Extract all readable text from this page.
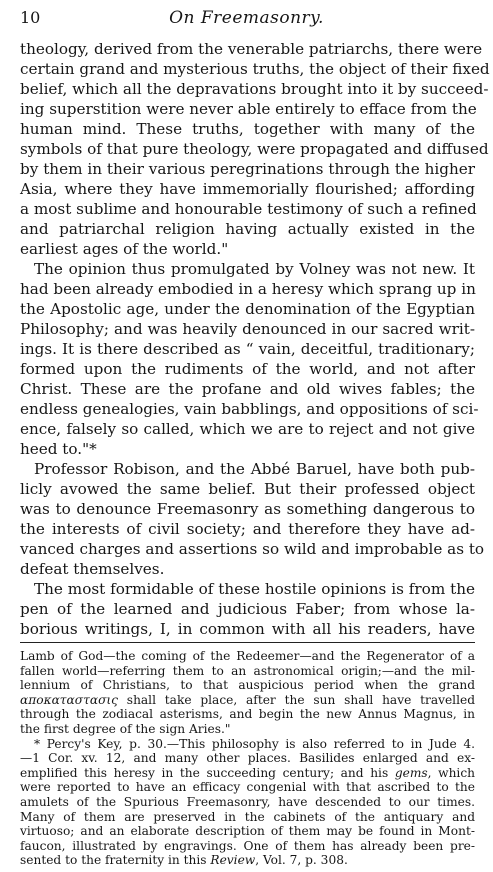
10	On Freemasonry.
theology, derived from the venerable patriarchs, there were
certain grand and mysterious truths, the object of their fixed
belief, which all the depravations brought into it by succeed-
ing superstition were never able entirely to efface from the
human mind. These truths, together with many of the
symbols of that pure theology, were propagated and diffused
by them in their various peregrinations through the higher
Asia, where they have immemorially flourished; affording
a most sublime and honourable testimony of such a refined
and patriarchal religion having actually existed in the
earliest ages of the world."
The opinion thus promulgated by Volney was not new. It
had been already embodied in a heresy which sprang up in
the Apostolic age, under the denomination of the Egyptian
Philosophy; and was heavily denounced in our sacred writ-
ings. It is there described as “ vain, deceitful, traditionary;
formed upon the rudiments of the world, and not after
Christ. These are the profane and old wives fables; the
endless genealogies, vain babblings, and oppositions of sci-
ence, falsely so called, which we are to reject and not give
heed to."*
Professor Robison, and the Abbé Baruel, have both pub-
licly avowed the same belief. But their professed object
was to denounce Freemasonry as something dangerous to
the interests of civil society; and therefore they have ad-
vanced charges and assertions so wild and improbable as to
defeat themselves.
The most formidable of these hostile opinions is from the
pen of the learned and judicious Faber; from whose la-
borious writings, I, in common with all his readers, have
Lamb of God—the coming of the Redeemer—and the Regenerator of a
fallen world—referring them to an astronomical origin;—and the mil-
lennium of Christians, to that auspicious period when the grand
αποκαταστασις shall take place, after the sun shall have travelled
through the zodiacal asterisms, and begin the new Annus Magnus, in
the first degree of the sign Aries."
* Percy's Key, p. 30.—This philosophy is also referred to in Jude 4.
—1 Cor. xv. 12, and many other places. Basilides enlarged and ex-
emplified this heresy in the succeeding century; and his gems, which
were reported to have an efficacy congenial with that ascribed to the
amulets of the Spurious Freemasonry, have descended to our times.
Many of them are preserved in the cabinets of the antiquary and
virtuoso; and an elaborate description of them may be found in Mont-
faucon, illustrated by engravings. One of them has already been pre-
sented to the fraternity in this Review, Vol. 7, p. 308.
